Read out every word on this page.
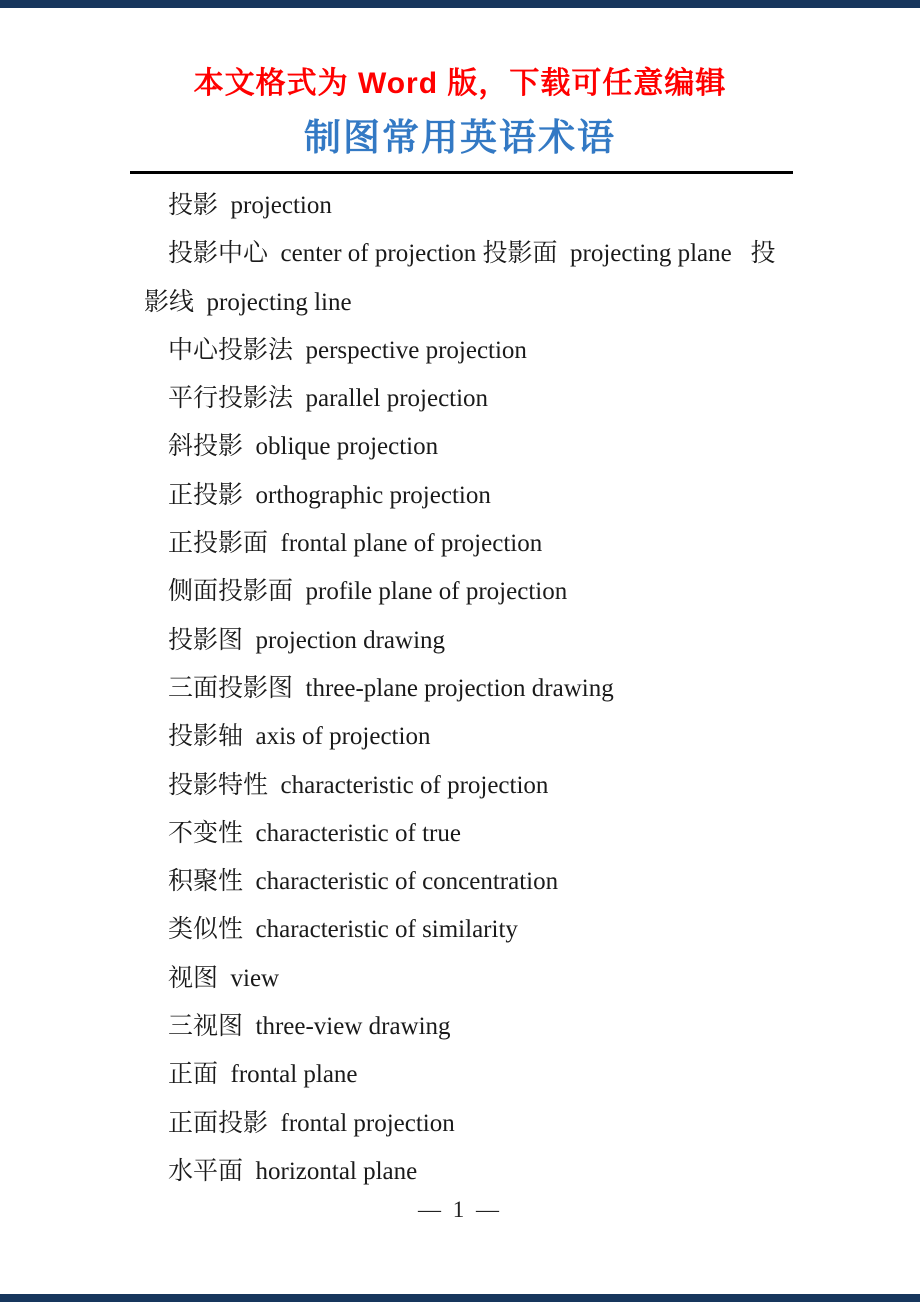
本文格式为 Word 版，下载可任意编辑
制图常用英语术语
投影  projection
投影中心  center of projection 投影面  projecting plane   投
影线  projecting line
中心投影法  perspective projection
平行投影法  parallel projection
斜投影  oblique projection
正投影  orthographic projection
正投影面  frontal plane of projection
侧面投影面  profile plane of projection
投影图  projection drawing
三面投影图  three-plane projection drawing
投影轴  axis of projection
投影特性  characteristic of projection
不变性  characteristic of true
积聚性  characteristic of concentration
类似性  characteristic of similarity
视图  view
三视图  three-view drawing
正面  frontal plane
正面投影  frontal projection
水平面  horizontal plane
— 1 —
